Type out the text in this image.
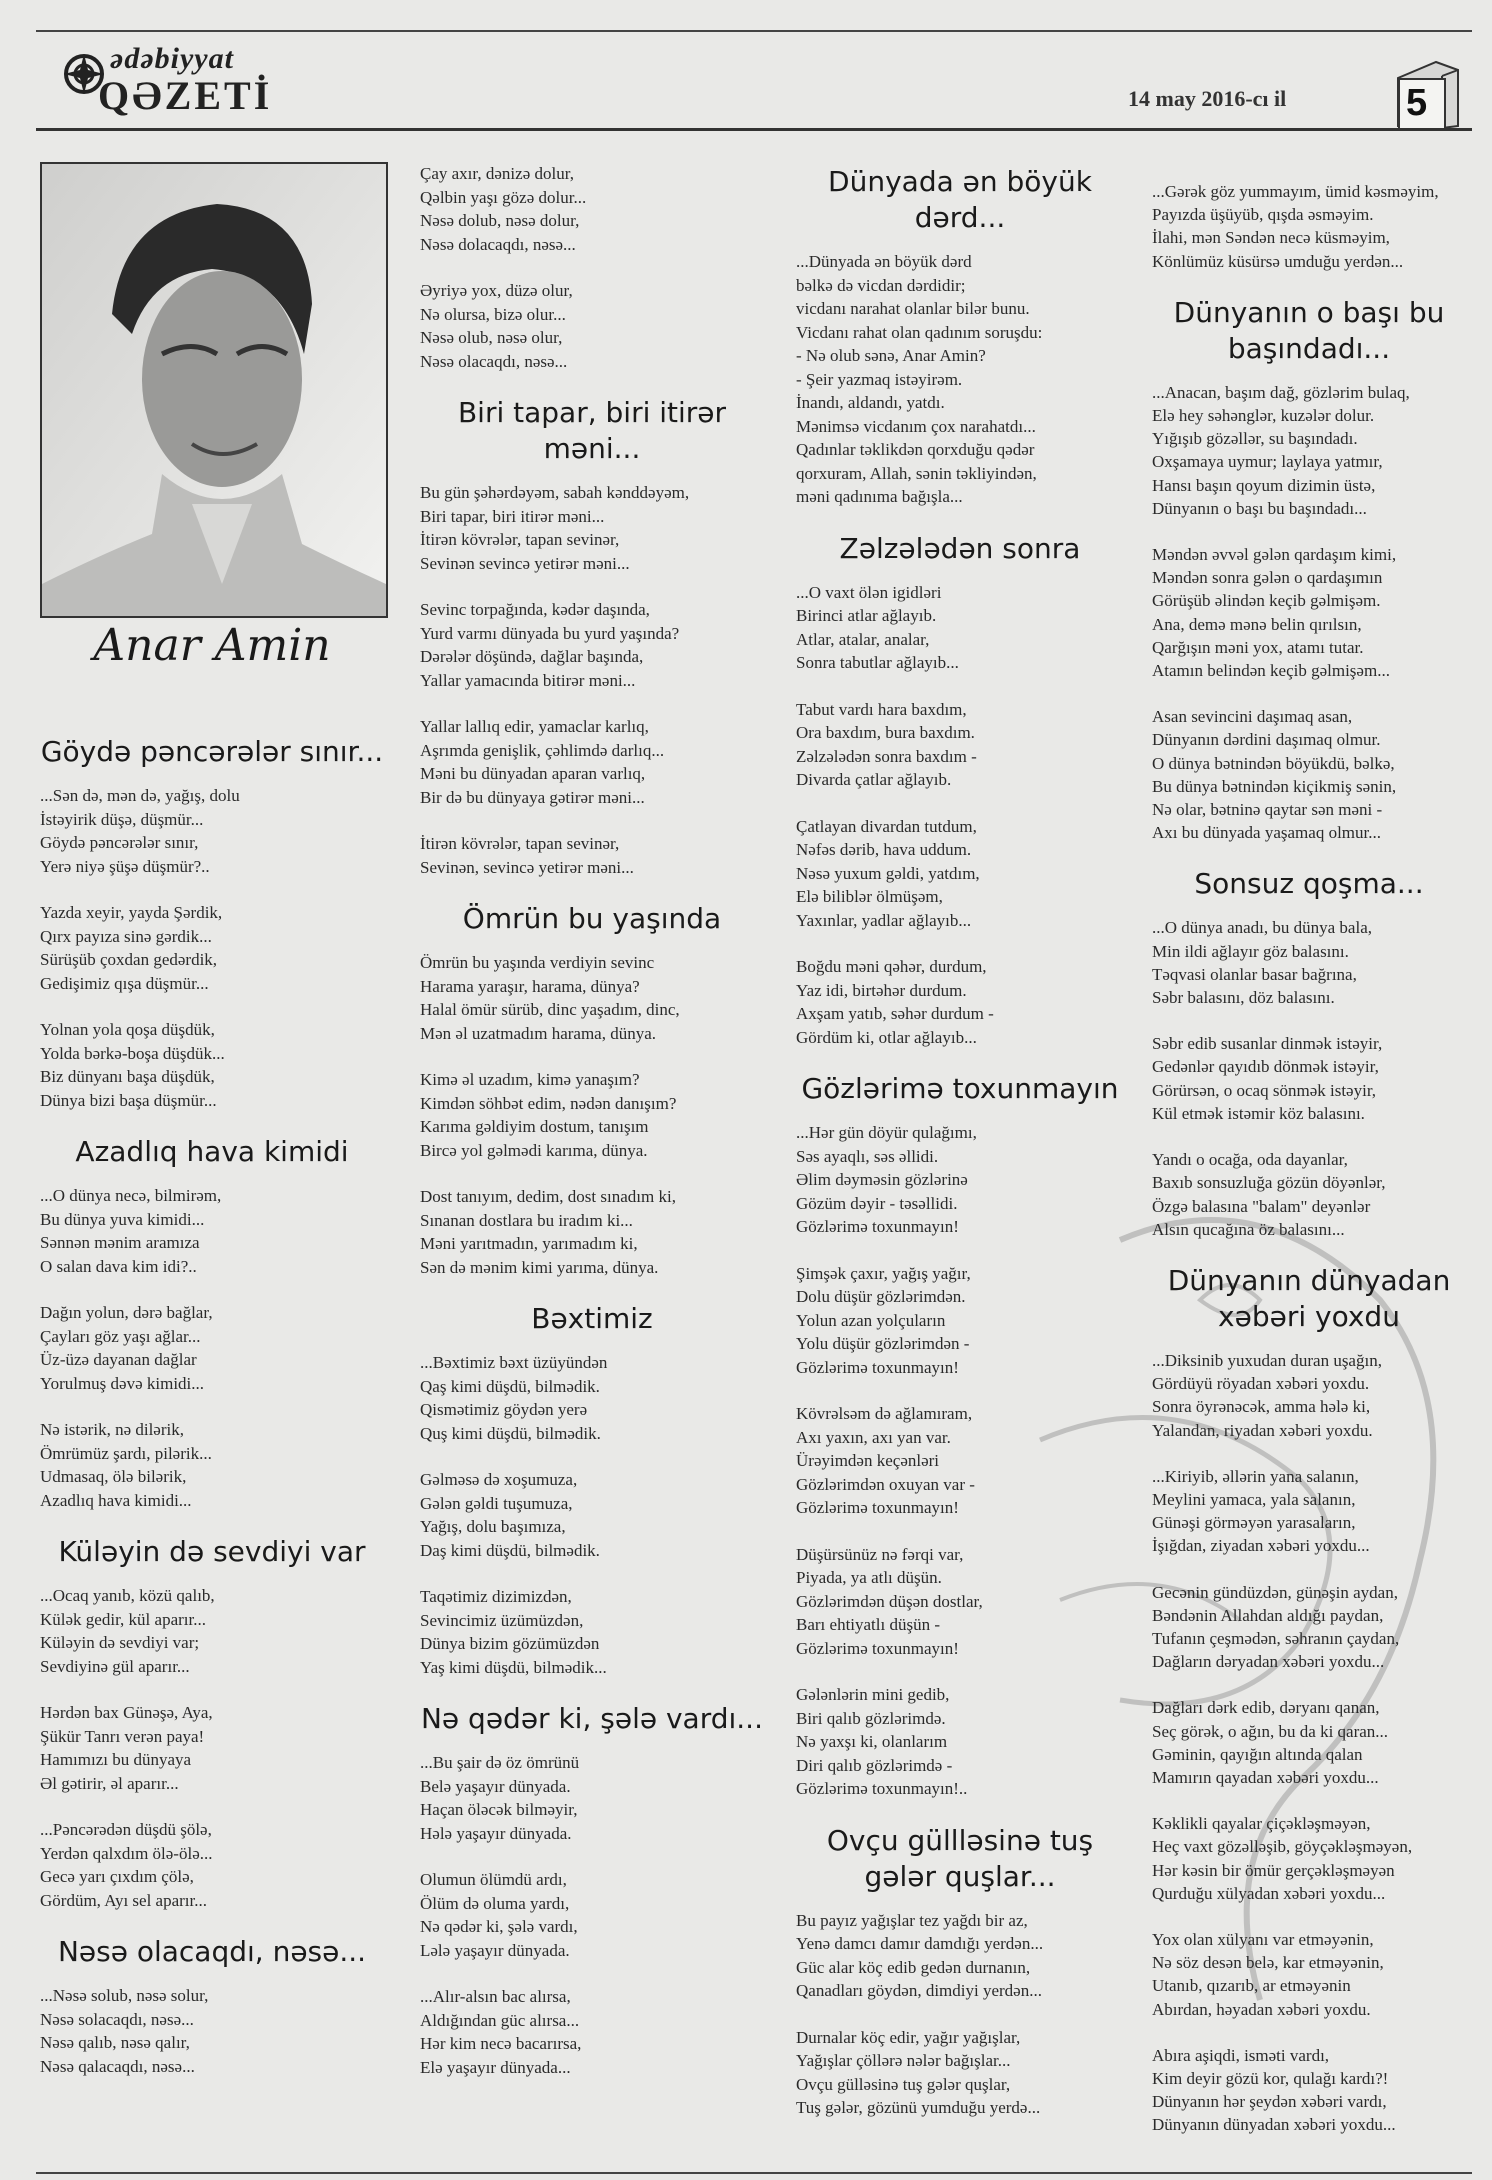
ədəbiyyat
QƏZETİ	14 may 2016-cı il	5
Anar Amin
Göydə pəncərələr sınır...
...Sən də, mən də, yağış, dolu
İstəyirik düşə, düşmür...
Göydə pəncərələr sınır,
Yerə niyə şüşə düşmür?..
Yazda xeyir, yayda Şərdik,
Qırx payıza sinə gərdik...
Sürüşüb çoxdan gedərdik,
Gedişimiz qışa düşmür...
Yolnan yola qoşa düşdük,
Yolda bərkə-boşa düşdük...
Biz dünyanı başa düşdük,
Dünya bizi başa düşmür...
Azadlıq hava kimidi
...O dünya necə, bilmirəm,
Bu dünya yuva kimidi...
Sənnən mənim aramıza
O salan dava kim idi?..
Dağın yolun, dərə bağlar,
Çayları göz yaşı ağlar...
Üz-üzə dayanan dağlar
Yorulmuş dəvə kimidi...
Nə istərik, nə dilərik,
Ömrümüz şardı, pilərik...
Udmasaq, ölə bilərik,
Azadlıq hava kimidi...
Küləyin də sevdiyi var
...Ocaq yanıb, közü qalıb,
Külək gedir, kül aparır...
Küləyin də sevdiyi var;
Sevdiyinə gül aparır...
Hərdən bax Günəşə, Aya,
Şükür Tanrı verən paya!
Hamımızı bu dünyaya
Əl gətirir, əl aparır...
...Pəncərədən düşdü şölə,
Yerdən qalxdım ölə-ölə...
Gecə yarı çıxdım çölə,
Gördüm, Ayı sel aparır...
Nəsə olacaqdı, nəsə...
...Nəsə solub, nəsə solur,
Nəsə solacaqdı, nəsə...
Nəsə qalıb, nəsə qalır,
Nəsə qalacaqdı, nəsə...
Çay axır, dənizə dolur,
Qəlbin yaşı gözə dolur...
Nəsə dolub, nəsə dolur,
Nəsə dolacaqdı, nəsə...
Əyriyə yox, düzə olur,
Nə olursa, bizə olur...
Nəsə olub, nəsə olur,
Nəsə olacaqdı, nəsə...
Biri tapar, biri itirər məni...
Bu gün şəhərdəyəm, sabah kənddəyəm,
Biri tapar, biri itirər məni...
İtirən kövrələr, tapan sevinər,
Sevinən sevincə yetirər məni...
Sevinc torpağında, kədər daşında,
Yurd varmı dünyada bu yurd yaşında?
Dərələr döşündə, dağlar başında,
Yallar yamacında bitirər məni...
Yallar lallıq edir, yamaclar karlıq,
Aşrımda genişlik, çəhlimdə darlıq...
Məni bu dünyadan aparan varlıq,
Bir də bu dünyaya gətirər məni...
İtirən kövrələr, tapan sevinər,
Sevinən, sevincə yetirər məni...
Ömrün bu yaşında
Ömrün bu yaşında verdiyin sevinc
Harama yaraşır, harama, dünya?
Halal ömür sürüb, dinc yaşadım, dinc,
Mən əl uzatmadım harama, dünya.
Kimə əl uzadım, kimə yanaşım?
Kimdən söhbət edim, nədən danışım?
Karıma gəldiyim dostum, tanışım
Bircə yol gəlmədi karıma, dünya.
Dost tanıyım, dedim, dost sınadım ki,
Sınanan dostlara bu iradım ki...
Məni yarıtmadın, yarımadım ki,
Sən də mənim kimi yarıma, dünya.
Bəxtimiz
...Bəxtimiz bəxt üzüyündən
Qaş kimi düşdü, bilmədik.
Qismətimiz göydən yerə
Quş kimi düşdü, bilmədik.
Gəlməsə də xoşumuza,
Gələn gəldi tuşumuza,
Yağış, dolu başımıza,
Daş kimi düşdü, bilmədik.
Taqətimiz dizimizdən,
Sevincimiz üzümüzdən,
Dünya bizim gözümüzdən
Yaş kimi düşdü, bilmədik...
Nə qədər ki, şələ vardı...
...Bu şair də öz ömrünü
Belə yaşayır dünyada.
Haçan öləcək bilməyir,
Hələ yaşayır dünyada.
Olumun ölümdü ardı,
Ölüm də oluma yardı,
Nə qədər ki, şələ vardı,
Lələ yaşayır dünyada.
...Alır-alsın bac alırsa,
Aldığından güc alırsa...
Hər kim necə bacarırsa,
Elə yaşayır dünyada...
Dünyada ən böyük dərd...
...Dünyada ən böyük dərd
bəlkə də vicdan dərdidir;
vicdanı narahat olanlar bilər bunu.
Vicdanı rahat olan qadınım soruşdu:
- Nə olub sənə, Anar Amin?
- Şeir yazmaq istəyirəm.
İnandı, aldandı, yatdı.
Mənimsə vicdanım çox narahatdı...
Qadınlar təklikdən qorxduğu qədər
qorxuram, Allah, sənin təkliyindən,
məni qadınıma bağışla...
Zəlzələdən sonra
...O vaxt ölən igidləri
Birinci atlar ağlayıb.
Atlar, atalar, analar,
Sonra tabutlar ağlayıb...
Tabut vardı hara baxdım,
Ora baxdım, bura baxdım.
Zəlzələdən sonra baxdım -
Divarda çatlar ağlayıb.
Çatlayan divardan tutdum,
Nəfəs dərib, hava uddum.
Nəsə yuxum gəldi, yatdım,
Elə biliblər ölmüşəm,
Yaxınlar, yadlar ağlayıb...
Boğdu məni qəhər, durdum,
Yaz idi, birtəhər durdum.
Axşam yatıb, səhər durdum -
Gördüm ki, otlar ağlayıb...
Gözlərimə toxunmayın
...Hər gün döyür qulağımı,
Səs ayaqlı, səs əllidi.
Əlim dəyməsin gözlərinə
Gözüm dəyir - təsəllidi.
Gözlərimə toxunmayın!
Şimşək çaxır, yağış yağır,
Dolu düşür gözlərimdən.
Yolun azan yolçuların
Yolu düşür gözlərimdən -
Gözlərimə toxunmayın!
Kövrəlsəm də ağlamıram,
Axı yaxın, axı yan var.
Ürəyimdən keçənləri
Gözlərimdən oxuyan var -
Gözlərimə toxunmayın!
Düşürsünüz nə fərqi var,
Piyada, ya atlı düşün.
Gözlərimdən düşən dostlar,
Barı ehtiyatlı düşün -
Gözlərimə toxunmayın!
Gələnlərin mini gedib,
Biri qalıb gözlərimdə.
Nə yaxşı ki, olanlarım
Diri qalıb gözlərimdə -
Gözlərimə toxunmayın!..
Ovçu güllləsinə tuş gələr quşlar...
Bu payız yağışlar tez yağdı bir az,
Yenə damcı damır damdığı yerdən...
Güc alar köç edib gedən durnanın,
Qanadları göydən, dimdiyi yerdən...
Durnalar köç edir, yağır yağışlar,
Yağışlar çöllərə nələr bağışlar...
Ovçu gülləsinə tuş gələr quşlar,
Tuş gələr, gözünü yumduğu yerdə...
...Gərək göz yummayım, ümid kəsməyim,
Payızda üşüyüb, qışda əsməyim.
İlahi, mən Səndən necə küsməyim,
Könlümüz küsürsə umduğu yerdən...
Dünyanın o başı bu başındadı...
...Anacan, başım dağ, gözlərim bulaq,
Elə hey səhənglər, kuzələr dolur.
Yığışıb gözəllər, su başındadı.
Oxşamaya uymur; laylaya yatmır,
Hansı başın qoyum dizimin üstə,
Dünyanın o başı bu başındadı...
Məndən əvvəl gələn qardaşım kimi,
Məndən sonra gələn o qardaşımın
Görüşüb əlindən keçib gəlmişəm.
Ana, demə mənə belin qırılsın,
Qarğışın məni yox, atamı tutar.
Atamın belindən keçib gəlmişəm...
Asan sevincini daşımaq asan,
Dünyanın dərdini daşımaq olmur.
O dünya bətnindən böyükdü, bəlkə,
Bu dünya bətnindən kiçikmiş sənin,
Nə olar, bətninə qaytar sən məni -
Axı bu dünyada yaşamaq olmur...
Sonsuz qoşma...
...O dünya anadı, bu dünya bala,
Min ildi ağlayır göz balasını.
Təqvasi olanlar basar bağrına,
Səbr balasını, döz balasını.
Səbr edib susanlar dinmək istəyir,
Gedənlər qayıdıb dönmək istəyir,
Görürsən, o ocaq sönmək istəyir,
Kül etmək istəmir köz balasını.
Yandı o ocağa, oda dayanlar,
Baxıb sonsuzluğa gözün döyənlər,
Özgə balasına "balam" deyənlər
Alsın qucağına öz balasını...
Dünyanın dünyadan xəbəri yoxdu
...Diksinib yuxudan duran uşağın,
Gördüyü röyadan xəbəri yoxdu.
Sonra öyrənəcək, amma hələ ki,
Yalandan, riyadan xəbəri yoxdu.
...Kiriyib, əllərin yana salanın,
Meylini yamaca, yala salanın,
Günəşi görməyən yarasaların,
İşığdan, ziyadan xəbəri yoxdu...
Gecənin gündüzdən, günəşin aydan,
Bəndənin Allahdan aldığı paydan,
Tufanın çeşmədən, səhranın çaydan,
Dağların dəryadan xəbəri yoxdu...
Dağları dərk edib, dəryanı qanan,
Seç görək, o ağın, bu da ki qaran...
Gəminin, qayığın altında qalan
Mamırın qayadan xəbəri yoxdu...
Kəklikli qayalar çiçəkləşməyən,
Heç vaxt gözəlləşib, göyçəkləşməyən,
Hər kəsin bir ömür gerçəkləşməyən
Qurduğu xülyadan xəbəri yoxdu...
Yox olan xülyanı var etməyənin,
Nə söz desən belə, kar etməyənin,
Utanıb, qızarıb, ar etməyənin
Abırdan, həyadan xəbəri yoxdu.
Abıra aşiqdi, isməti vardı,
Kim deyir gözü kor, qulağı kardı?!
Dünyanın hər şeydən xəbəri vardı,
Dünyanın dünyadan xəbəri yoxdu...
